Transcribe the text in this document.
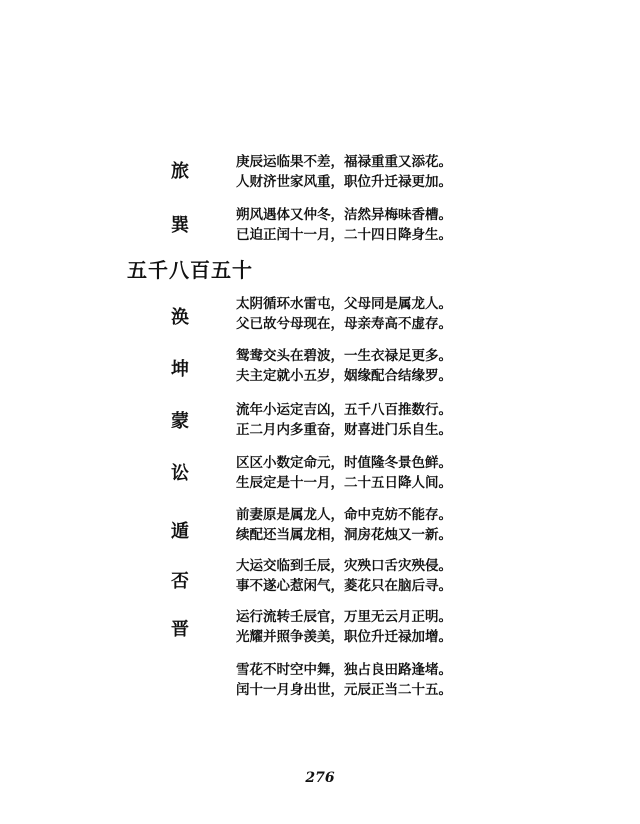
旅
巽
五千八百五十
涣
坤
蒙
讼
遁
否
晋
庚辰运临果不差，福禄重重又添花。
人财济世家风重，职位升迁禄更加。
朔风遇体又仲冬，洁然异梅味香槽。
已迫正闰十一月，二十四日降身生。
太阴循环水雷屯，父母同是属龙人。
父已故兮母现在，母亲寿高不虚存。
鸳鸯交头在碧波，一生衣禄足更多。
夫主定就小五岁，姻缘配合结缘罗。
流年小运定吉凶，五千八百推数行。
正二月内多重奋，财喜进门乐自生。
区区小数定命元，时值隆冬景色鲜。
生辰定是十一月，二十五日降人间。
前妻原是属龙人，命中克妨不能存。
续配还当属龙相，洞房花烛又一新。
大运交临到壬辰，灾殃口舌灾殃侵。
事不遂心惹闲气，菱花只在脑后寻。
运行流转壬辰官，万里无云月正明。
光耀并照争羡美，职位升迁禄加增。
雪花不时空中舞，独占良田路逢堵。
闰十一月身出世，元辰正当二十五。
276
